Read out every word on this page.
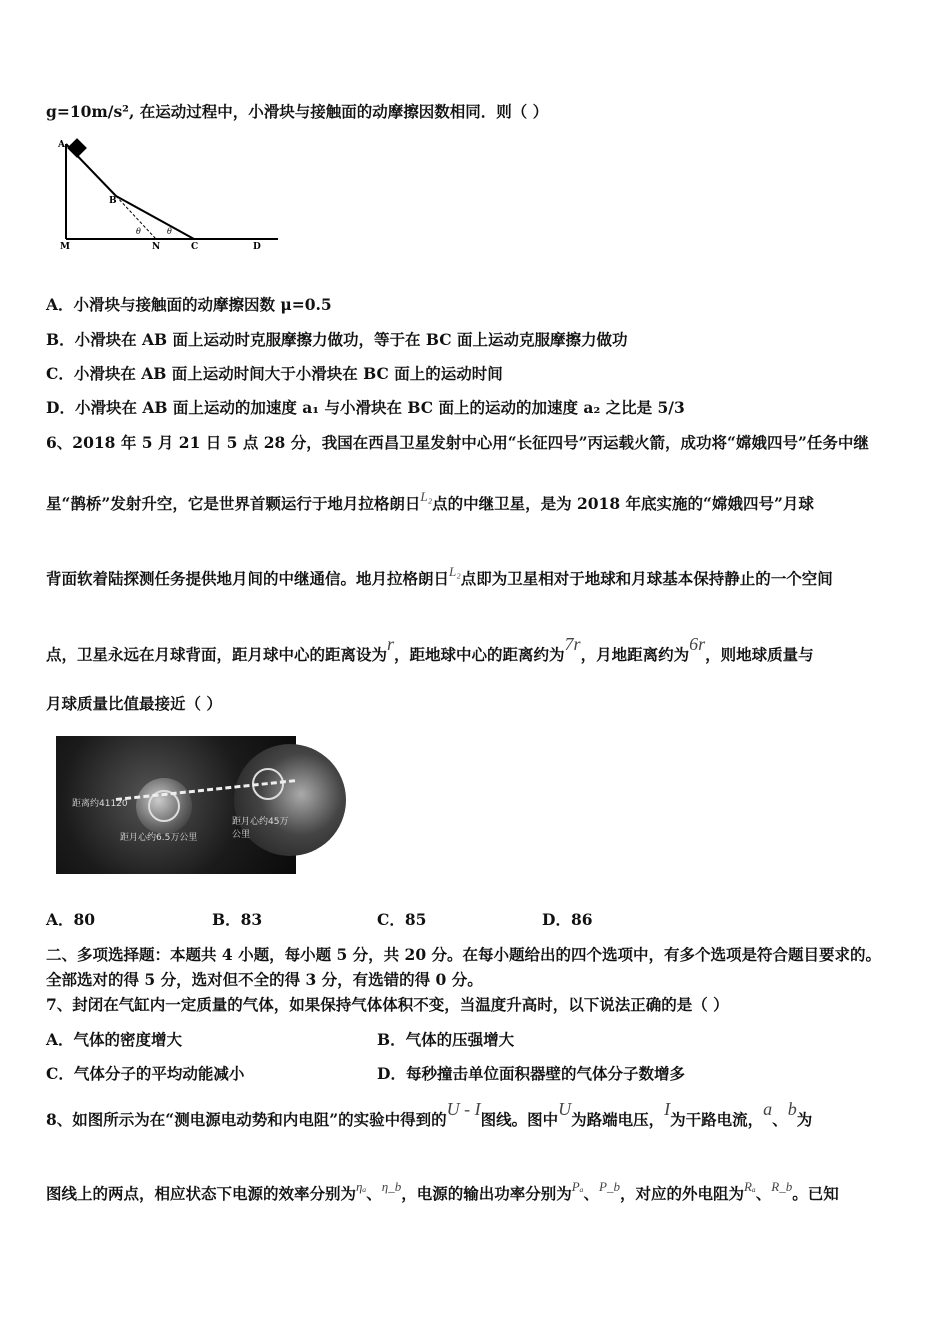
g=10m/s², 在运动过程中，小滑块与接触面的动摩擦因数相同．则（ ）
A
B
M	N	C	D
θ	θ
A．小滑块与接触面的动摩擦因数 μ=0.5
B．小滑块在 AB 面上运动时克服摩擦力做功，等于在 BC 面上运动克服摩擦力做功
C．小滑块在 AB 面上运动时间大于小滑块在 BC 面上的运动时间
D．小滑块在 AB 面上运动的加速度 a₁ 与小滑块在 BC 面上的运动的加速度 a₂ 之比是 5/3
6、2018 年 5 月 21 日 5 点 28 分，我国在西昌卫星发射中心用“长征四号”丙运载火箭，成功将“嫦娥四号”任务中继
星“鹊桥”发射升空，它是世界首颗运行于地月拉格朗日$^{L_2}$点的中继卫星，是为 2018 年底实施的“嫦娥四号”月球
背面软着陆探测任务提供地月间的中继通信。地月拉格朗日$^{L_2}$点即为卫星相对于地球和月球基本保持静止的一个空间
点，卫星永远在月球背面，距月球中心的距离设为r，距地球中心的距离约为7r，月地距离约为6r，则地球质量与
月球质量比值最接近（ ）
距离约41120
距月心约6.5万公里
距月心约45万 公里
A．80	B．83	C．85	D．86
二、多项选择题：本题共 4 小题，每小题 5 分，共 20 分。在每小题给出的四个选项中，有多个选项是符合题目要求的。
全部选对的得 5 分，选对但不全的得 3 分，有选错的得 0 分。
7、封闭在气缸内一定质量的气体，如果保持气体体积不变，当温度升高时，以下说法正确的是（ ）
A．气体的密度增大	B．气体的压强增大
C．气体分子的平均动能减小	D．每秒撞击单位面积器壁的气体分子数增多
8、如图所示为在“测电源电动势和内电阻”的实验中得到的U - I图线。图中U为路端电压，I为干路电流，a、b为
图线上的两点，相应状态下电源的效率分别为$^{\eta_a}$、$^{\eta\_b}$，电源的输出功率分别为$^{P_a}$、$^{P\_b}$，对应的外电阻为$^{R_a}$、$^{R\_b}$。已知
